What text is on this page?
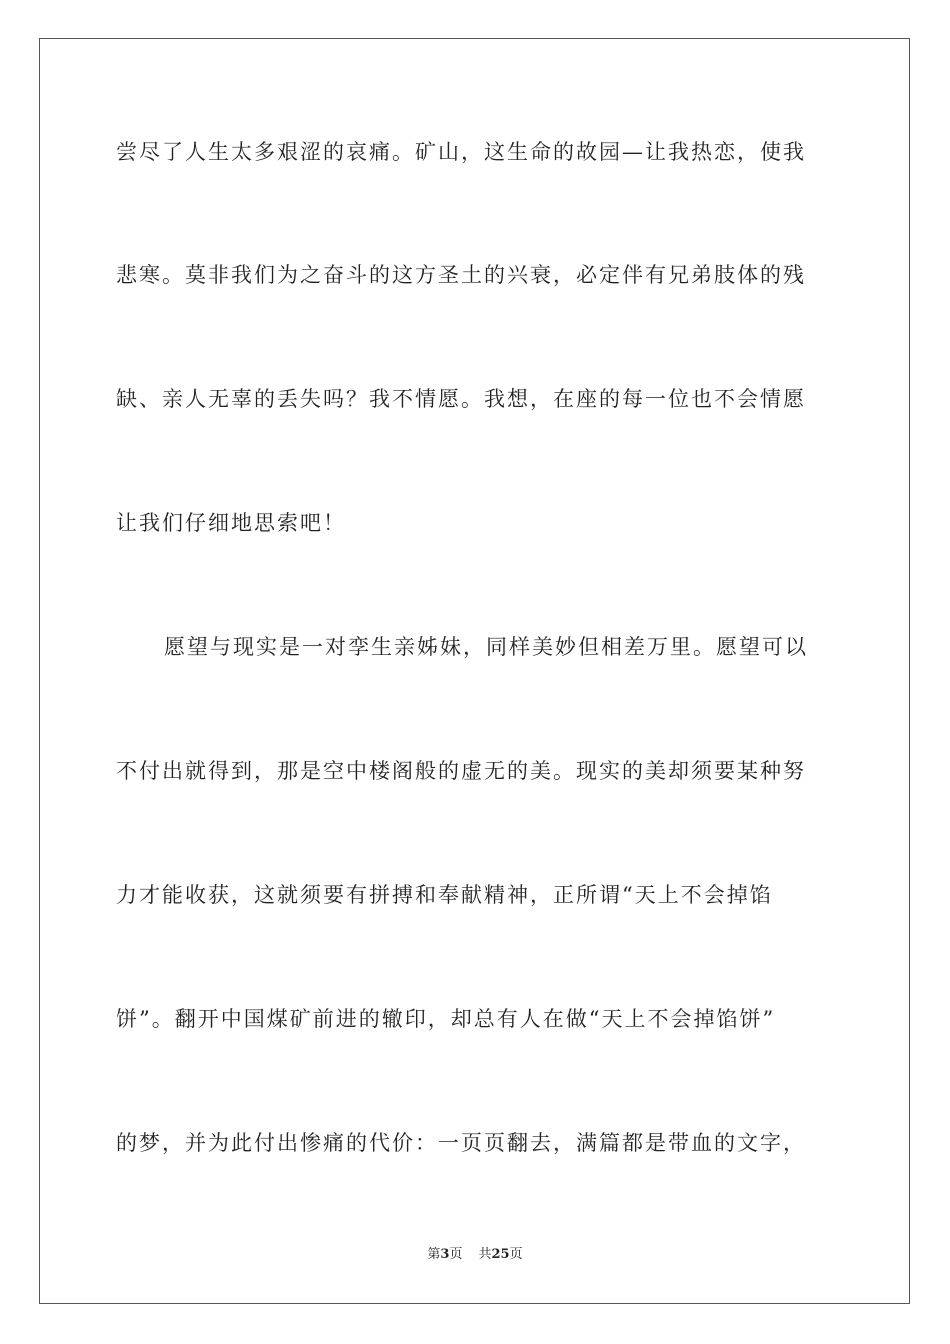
尝尽了人生太多艰涩的哀痛。矿山，这生命的故园—让我热恋，使我
悲寒。莫非我们为之奋斗的这方圣土的兴衰，必定伴有兄弟肢体的残
缺、亲人无辜的丢失吗？我不情愿。我想，在座的每一位也不会情愿
让我们仔细地思索吧！
愿望与现实是一对孪生亲姊妹，同样美妙但相差万里。愿望可以
不付出就得到，那是空中楼阁般的虚无的美。现实的美却须要某种努
力才能收获，这就须要有拼搏和奉献精神，正所谓“天上不会掉馅
饼”。翻开中国煤矿前进的辙印，却总有人在做“天上不会掉馅饼”
的梦，并为此付出惨痛的代价：一页页翻去，满篇都是带血的文字，
第3页 共25页
